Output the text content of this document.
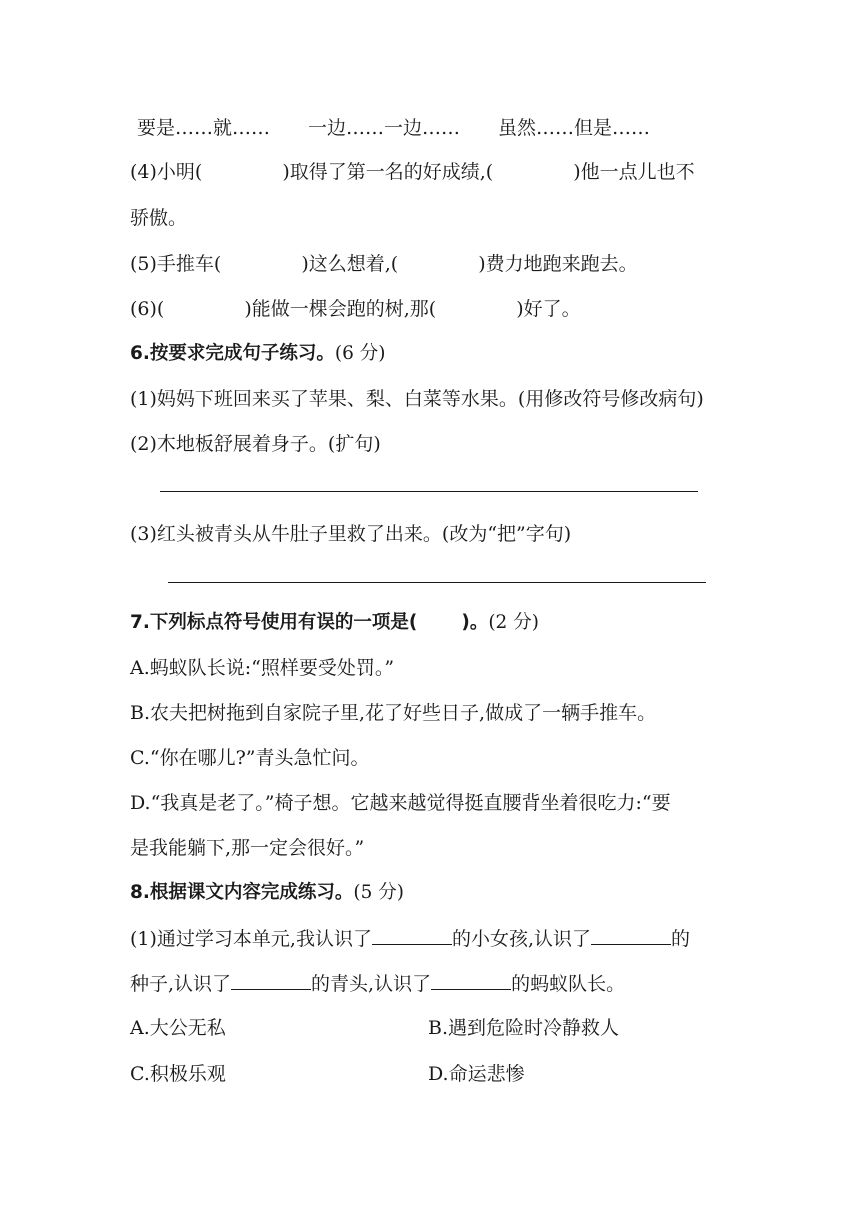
要是……就…… 一边……一边…… 虽然……但是……
(4)小明(	)取得了第一名的好成绩,(	)他一点儿也不
骄傲。
(5)手推车(	)这么想着,(	)费力地跑来跑去。
(6)(	)能做一棵会跑的树,那(	)好了。
6.按要求完成句子练习。(6 分)
(1)妈妈下班回来买了苹果、梨、白菜等水果。(用修改符号修改病句)
(2)木地板舒展着身子。(扩句)
(3)红头被青头从牛肚子里救了出来。(改为“把”字句)
7.下列标点符号使用有误的一项是( )。(2 分)
A.蚂蚁队长说:“照样要受处罚。”
B.农夫把树拖到自家院子里,花了好些日子,做成了一辆手推车。
C.“你在哪儿?”青头急忙问。
D.“我真是老了。”椅子想。它越来越觉得挺直腰背坐着很吃力:“要
是我能躺下,那一定会很好。”
8.根据课文内容完成练习。(5 分)
(1)通过学习本单元,我认识了	的小女孩,认识了	的
种子,认识了	的青头,认识了	的蚂蚁队长。
A.大公无私	B.遇到危险时冷静救人
C.积极乐观	D.命运悲惨
